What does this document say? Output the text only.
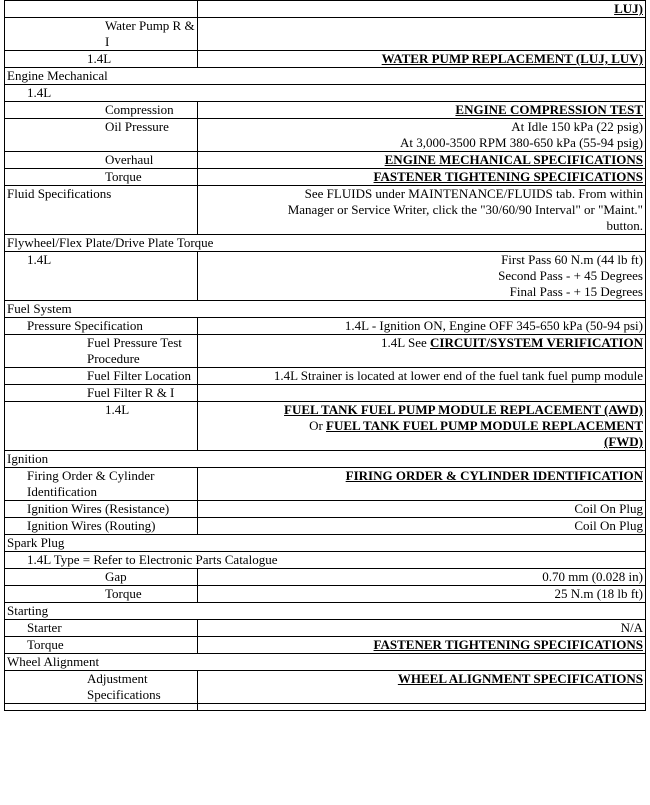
	LUJ)

Water Pump R & I	

1.4L	WATER PUMP REPLACEMENT (LUJ, LUV)

Engine Mechanical	

1.4L	

Compression	ENGINE COMPRESSION TEST

Oil Pressure	At Idle 150 kPa (22 psig)
At 3,000-3500 RPM 380-650 kPa (55-94 psig)

Overhaul	ENGINE MECHANICAL SPECIFICATIONS

Torque	FASTENER TIGHTENING SPECIFICATIONS

Fluid Specifications	See FLUIDS under MAINTENANCE/FLUIDS tab. From within
Manager or Service Writer, click the "30/60/90 Interval" or "Maint."
button.

Flywheel/Flex Plate/Drive Plate Torque	

1.4L	First Pass 60 N.m (44 lb ft)
Second Pass - + 45 Degrees
Final Pass - + 15 Degrees

Fuel System	

Pressure Specification	1.4L - Ignition ON, Engine OFF 345-650 kPa (50-94 psi)

Fuel Pressure Test Procedure	1.4L See CIRCUIT/SYSTEM VERIFICATION

Fuel Filter Location	1.4L Strainer is located at lower end of the fuel tank fuel pump module

Fuel Filter R & I	

1.4L	FUEL TANK FUEL PUMP MODULE REPLACEMENT (AWD)
Or FUEL TANK FUEL PUMP MODULE REPLACEMENT
(FWD)

Ignition	

Firing Order & Cylinder Identification	FIRING ORDER & CYLINDER IDENTIFICATION

Ignition Wires (Resistance)	Coil On Plug

Ignition Wires (Routing)	Coil On Plug

Spark Plug	

1.4L Type = Refer to Electronic Parts Catalogue	

Gap	0.70 mm (0.028 in)

Torque	25 N.m (18 lb ft)

Starting	

Starter	N/A

Torque	FASTENER TIGHTENING SPECIFICATIONS

Wheel Alignment	

Adjustment Specifications	WHEEL ALIGNMENT SPECIFICATIONS
